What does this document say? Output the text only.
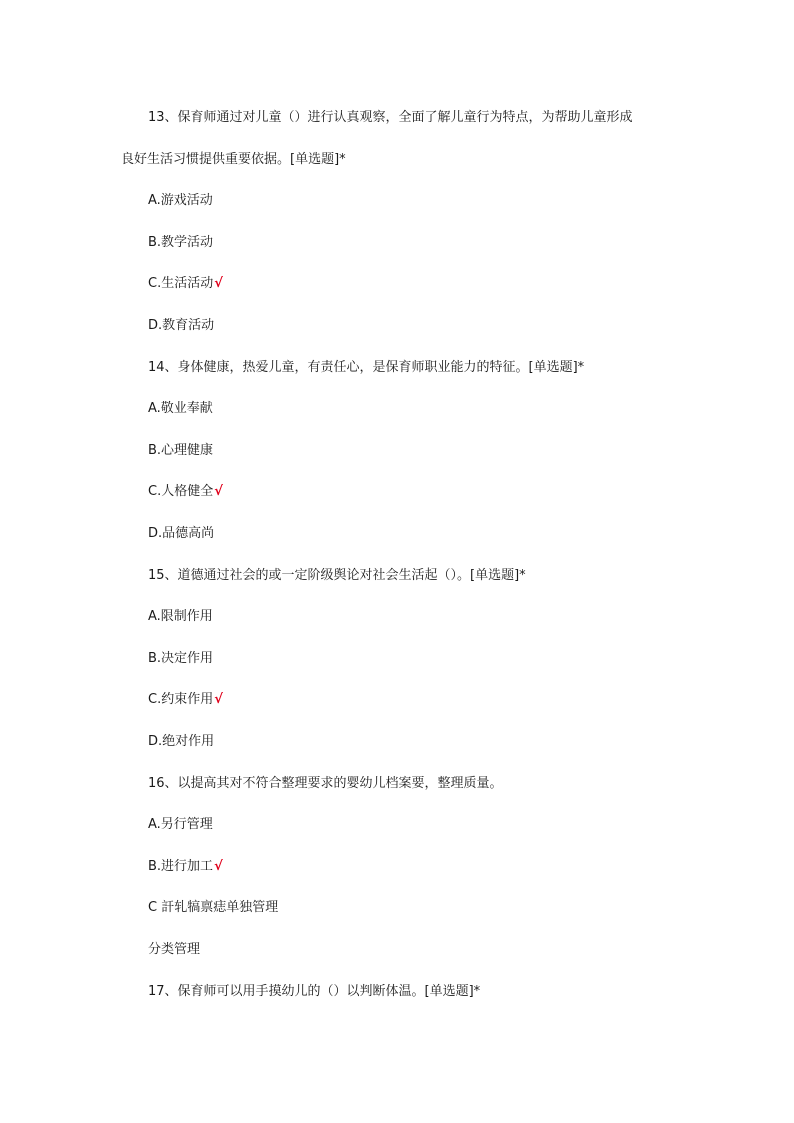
13、保育师通过对儿童（）进行认真观察，全面了解儿童行为特点，为帮助儿童形成
良好生活习惯提供重要依据。[单选题]*
A.游戏活动
B.教学活动
C.生活活动√
D.教育活动
14、身体健康，热爱儿童，有责任心，是保育师职业能力的特征。[单选题]*
A.敬业奉献
B.心理健康
C.人格健全√
D.品德高尚
15、道德通过社会的或一定阶级舆论对社会生活起（）。[单选题]*
A.限制作用
B.决定作用
C.约束作用√
D.绝对作用
16、以提高其对不符合整理要求的婴幼儿档案要，整理质量。
A.另行管理
B.进行加工√
C 訐轧犒禀痣单独管理
分类管理
17、保育师可以用手摸幼儿的（）以判断体温。[单选题]*
